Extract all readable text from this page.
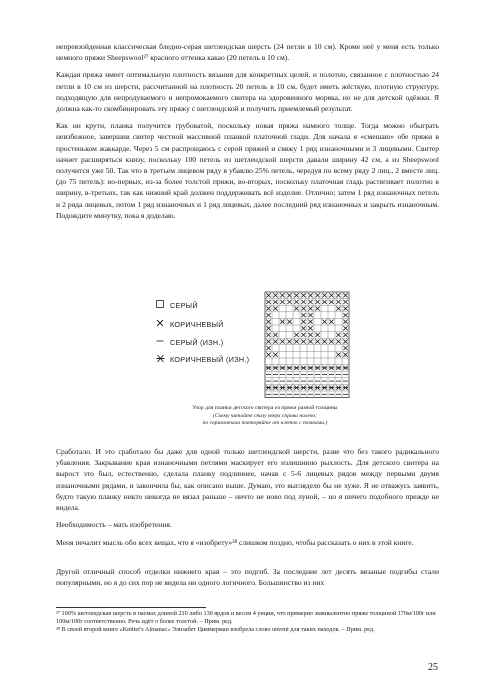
непревзойденная классическая бледно-серая шетлендская шерсть (24 петли в 10 см). Кроме неё у меня есть только немного пряжи Sheepswool²⁷ красного оттенка какао (20 петель в 10 см).

Каждая пряжа имеет оптимальную плотность вязания для конкретных целей, и полотно, связанное с плотностью 24 петли в 10 см из шерсти, рассчитанной на плотность 20 петель в 10 см, будет иметь жёсткую, плотную структуру, подходящую для непродуваемого и непромокаемого свитера на здоровенного моряка, но не для детской одёжки. Я должна как-то скомбинировать эту пряжу с шетлендской и получить приемлемый результат.

Как ни крути, планка получится грубоватой, поскольку новая пряжа намного толще. Тогда можно обыграть неизбежное, завершив свитер честной массивной планкой платочной глади. Для начала я «смешаю» обе пряжи в простеньком жаккарде. Через 5 см распрощаюсь с серой пряжей и свяжу 1 ряд изнаночными и 3 лицевыми. Свитер начнет расширяться книзу, поскольку 100 петель из шетлендской шерсти давали ширину 42 см, а из Sheepswool получится уже 50. Так что в третьем лицевом ряду я убавлю 25% петель, чередуя по всему ряду 2 лиц., 2 вместе лиц. (до 75 петель): во-первых, из-за более толстой пряжи, во-вторых, поскольку платочная гладь растягивает полотно в ширину, в-третьих, так как нижний край должен поддерживать всё изделие. Отлично; затем 1 ряд изнаночных петель и 2 ряда лицевых, потом 1 ряд изнаночных и 1 ряд лицевых, далее последний ряд изнаночных и закрыть изнаночным. Подождите минутку, пока я доделаю.

СЕРЫЙ
КОРИЧНЕВЫЙ
СЕРЫЙ (ИЗН.)
КОРИЧНЕВЫЙ (ИЗН.)
Узор для планки детского свитера из пряжи разной толщины
(Схему читайте снизу вверх справа налево;
по горизонтали повторяйте от клеток с точками.)

Сработало. И это сработало бы даже для одной только шетлендской шерсти, разве что без такого радикального убавления. Закрывание края изнаночными петлями маскирует его излишнюю рыхлость. Для детского свитера на вырост это был, естественно, сделала планку подлиннее, начав с 5-6 лицевых рядов между первыми двумя изнаночными рядами, и закончила бы, как описано выше. Думаю, это выглядело бы не хуже. Я не отважусь заявить, будто такую планку никто никогда не вязал раньше – ничто не ново под луной, – но я ничего подобного прежде не видела.

Необходимость – мать изобретения.

Меня печалит мысль обо всех вещах, что я «изобрету»²⁸ слишком поздно, чтобы рассказать о них в этой книге.

Другой отличный способ отделки нижнего края – это подгиб. За последние лет десять вязаные подгибы стали популярными, но я до сих пор не видела ни одного логичного. Большинство из них

²⁷ 100% шетлендская шерсть в пасмах длиной 210 либо 130 ярдов и весом 4 унции, что примерно эквивалентно пряже толщиной 170м/100г или 100м/100г соответственно. Речь идёт о более толстой. – Прим. ред.
²⁸ В своей второй книге «Knitter's Almanac» Элизабет Циммерман изобрела слово unvent для таких находок. – Прим. ред.
25
